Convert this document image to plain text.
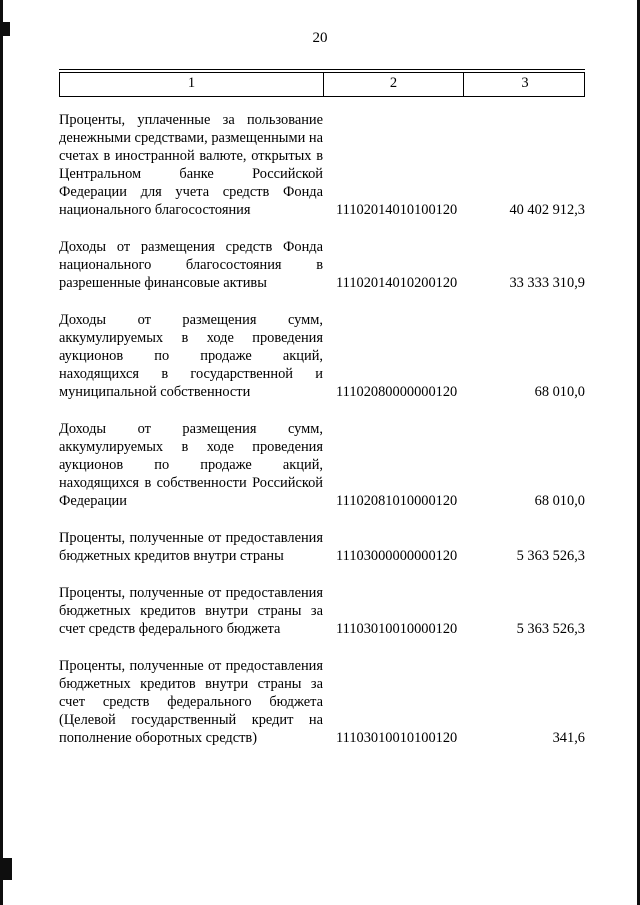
20
1	2	3
Проценты, уплаченные за пользование денежными средствами, размещенными на счетах в иностранной валюте, открытых в Центральном банке Российской Федерации для учета средств Фонда национального благосостояния	11102014010100120	40 402 912,3
Доходы от размещения средств Фонда национального благосостояния в разрешенные финансовые активы	11102014010200120	33 333 310,9
Доходы от размещения сумм, аккумулируемых в ходе проведения аукционов по продаже акций, находящихся в государственной и муниципальной собственности	11102080000000120	68 010,0
Доходы от размещения сумм, аккумулируемых в ходе проведения аукционов по продаже акций, находящихся в собственности Российской Федерации	11102081010000120	68 010,0
Проценты, полученные от предоставления бюджетных кредитов внутри страны	11103000000000120	5 363 526,3
Проценты, полученные от предоставления бюджетных кредитов внутри страны за счет средств федерального бюджета	11103010010000120	5 363 526,3
Проценты, полученные от предоставления бюджетных кредитов внутри страны за счет средств федерального бюджета (Целевой государственный кредит на пополнение оборотных средств)	11103010010100120	341,6
